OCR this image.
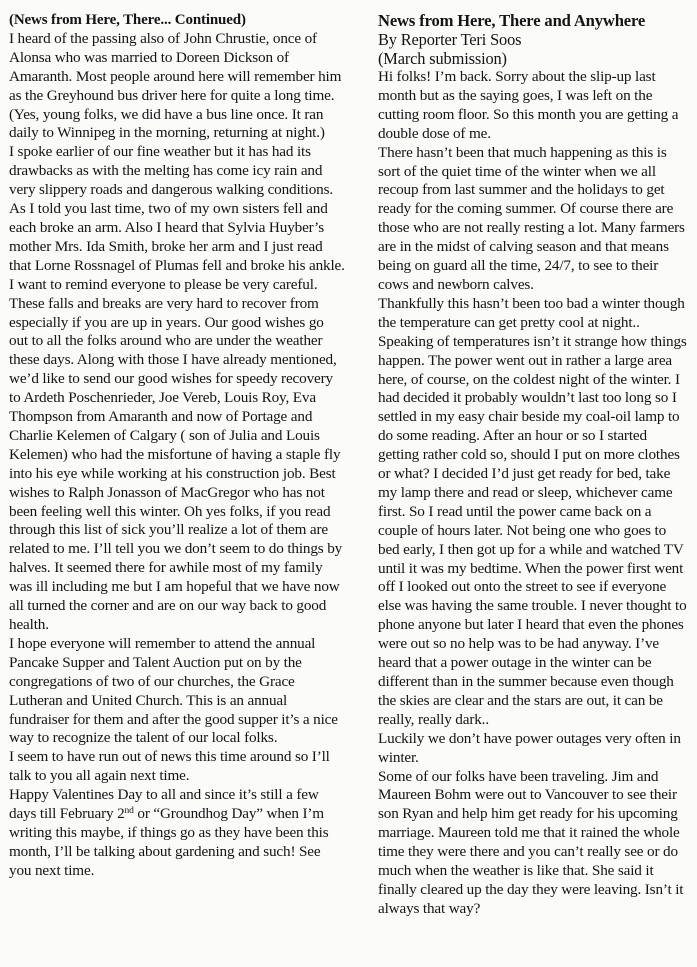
(News from Here, There... Continued)

I heard of the passing also of John Chrustie, once of Alonsa who was married to Doreen Dickson of Amaranth. Most people around here will remember him as the Greyhound bus driver here for quite a long time. (Yes, young folks, we did have a bus line once. It ran daily to Winnipeg in the morning, returning at night.)

I spoke earlier of our fine weather but it has had its drawbacks as with the melting has come icy rain and very slippery roads and dangerous walking conditions. As I told you last time, two of my own sisters fell and each broke an arm. Also I heard that Sylvia Huyber’s mother Mrs. Ida Smith, broke her arm and I just read that Lorne Rossnagel of Plumas fell and broke his ankle. I want to remind everyone to please be very careful. These falls and breaks are very hard to recover from especially if you are up in years. Our good wishes go out to all the folks around who are under the weather these days. Along with those I have already mentioned, we’d like to send our good wishes for speedy recovery to Ardeth Poschenrieder, Joe Vereb, Louis Roy, Eva Thompson from Amaranth and now of Portage and Charlie Kelemen of Calgary ( son of Julia and Louis Kelemen) who had the misfortune of having a staple fly into his eye while working at his construction job. Best wishes to Ralph Jonasson of MacGregor who has not been feeling well this winter. Oh yes folks, if you read through this list of sick you’ll realize a lot of them are related to me. I’ll tell you we don’t seem to do things by halves. It seemed there for awhile most of my family was ill including me but I am hopeful that we have now all turned the corner and are on our way back to good health.

I hope everyone will remember to attend the annual Pancake Supper and Talent Auction put on by the congregations of two of our churches, the Grace Lutheran and United Church. This is an annual fundraiser for them and after the good supper it’s a nice way to recognize the talent of our local folks.

I seem to have run out of news this time around so I’ll talk to you all again next time.

Happy Valentines Day to all and since it’s still a few days till February 2nd or “Groundhog Day” when I’m writing this maybe, if things go as they have been this month, I’ll be talking about gardening and such! See you next time.

News from Here, There and Anywhere

By Reporter Teri Soos

(March submission)

Hi folks! I’m back. Sorry about the slip-up last month but as the saying goes, I was left on the cutting room floor. So this month you are getting a double dose of me.

There hasn’t been that much happening as this is sort of the quiet time of the winter when we all recoup from last summer and the holidays to get ready for the coming summer. Of course there are those who are not really resting a lot. Many farmers are in the midst of calving season and that means being on guard all the time, 24/7, to see to their cows and newborn calves.

Thankfully this hasn’t been too bad a winter though the temperature can get pretty cool at night..

Speaking of temperatures isn’t it strange how things happen. The power went out in rather a large area here, of course, on the coldest night of the winter. I had decided it probably wouldn’t last too long so I settled in my easy chair beside my coal-oil lamp to do some reading. After an hour or so I started getting rather cold so, should I put on more clothes or what? I decided I’d just get ready for bed, take my lamp there and read or sleep, whichever came first. So I read until the power came back on a couple of hours later. Not being one who goes to bed early, I then got up for a while and watched TV until it was my bedtime. When the power first went off I looked out onto the street to see if everyone else was having the same trouble. I never thought to phone anyone but later I heard that even the phones were out so no help was to be had anyway. I’ve heard that a power outage in the winter can be different than in the summer because even though the skies are clear and the stars are out, it can be really, really dark..

Luckily we don’t have power outages very often in winter.

Some of our folks have been traveling. Jim and Maureen Bohm were out to Vancouver to see their son Ryan and help him get ready for his upcoming marriage. Maureen told me that it rained the whole time they were there and you can’t really see or do much when the weather is like that. She said it finally cleared up the day they were leaving. Isn’t it always that way?
